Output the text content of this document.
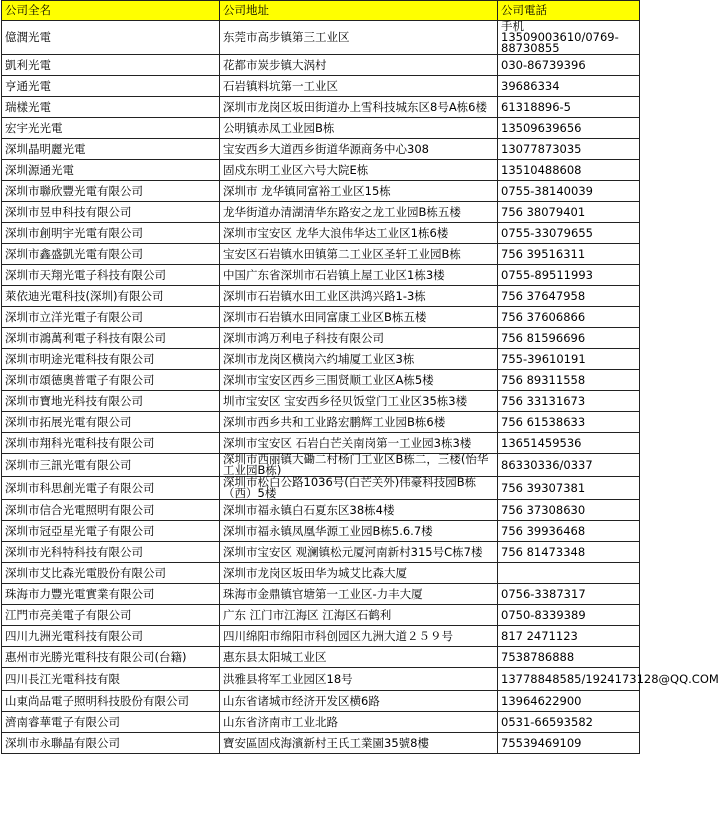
公司全名	公司地址	公司電話
億潤光電	东莞市高步镇第三工业区	手机13509003610/0769-88730855
凱利光電	花都市炭步镇大涡村	030-86739396
亨通光電	石岩镇料坑第一工业区	39686334
瑞樣光電	深圳市龙岗区坂田街道办上雪科技城东区8号A栋6楼	61318896-5
宏宇光光電	公明镇赤凤工业园B栋	13509639656
深圳晶明麗光電	宝安西乡大道西乡街道华源商务中心308	13077873035
深圳源通光電	固戍东明工业区六号大院E栋	13510488608
深圳市聯欣豐光電有限公司	深圳市 龙华镇同富裕工业区15栋	0755-38140039
深圳市昱申科技有限公司	龙华街道办清湖清华东路安之龙工业园B栋五楼	756 38079401
深圳市創明宇光電有限公司	深圳市宝安区 龙华大浪伟华达工业区1栋6楼	0755-33079655
深圳市鑫盛凱光電有限公司	宝安区石岩镇水田镇第二工业区圣轩工业园B栋	756 39516311
深圳市天翔光電子科技有限公司	中国广东省深圳市石岩镇上屋工业区1栋3楼	0755-89511993
萊依迪光電科技(深圳)有限公司	深圳市石岩镇水田工业区洪鸿兴路1-3栋	756 37647958
深圳市立洋光電子有限公司	深圳市石岩镇水田同富康工业区B栋五楼	756 37606866
深圳市鴻萬利電子科技有限公司	深圳市鸿万利电子科技有限公司	756 81596696
深圳市明途光電科技有限公司	深圳市龙岗区横岗六约埔厦工业区3栋	755-39610191
深圳市頌德奧普電子有限公司	深圳市宝安区西乡三围贤顺工业区A栋5楼	756 89311558
深圳市寶地光科技有限公司	圳市宝安区 宝安西乡径贝饭堂门工业区35栋3楼	756 33131673
深圳市拓展光電有限公司	深圳市西乡共和工业路宏鹏辉工业园B栋6楼	756 61538633
深圳市翔科光電科技有限公司	深圳市宝安区 石岩白芒关南岗第一工业园3栋3楼	13651459536
深圳市三訊光電有限公司	深圳市西丽镇大磡二村杨门工业区B栋二，三楼(怡华工业园B栋)	86330336/0337
深圳市科思創光電子有限公司	深圳市松白公路1036号(白芒关外)伟豪科技园B栋（西）5楼	756 39307381
深圳市信合光電照明有限公司	深圳市福永镇白石夏东区38栋4楼	756 37308630
深圳市冠亞星光電子有限公司	深圳市福永镇凤凰华源工业园B栋5.6.7楼	756 39936468
深圳市光科特科技有限公司	深圳市宝安区 观澜镇松元厦河南新村315号C栋7楼	756 81473348
深圳市艾比森光電股份有限公司	深圳市龙岗区坂田华为城艾比森大厦	
珠海市力豐光電實業有限公司	珠海市金鼎镇官塘第一工业区-力丰大厦	0756-3387317
江門市亮美電子有限公司	广东 江门市江海区 江海区石鹤利	0750-8339389
四川九洲光電科技有限公司	四川绵阳市绵阳市科创园区九洲大道２５９号	817 2471123
惠州市光勝光電科技有限公司(台籍)	惠东县太阳城工业区	7538786888
四川長江光電科技有限	洪雅县将军工业园区18号	13778848585/1924173128@QQ.COM
山東尚品電子照明科技股份有限公司	山东省诸城市经济开发区横6路	13964622900
濟南睿華電子有限公司	山东省济南市工业北路	0531-66593582
深圳市永聯晶有限公司	寶安區固戍海濱新村王氏工業園35號8樓	75539469109
